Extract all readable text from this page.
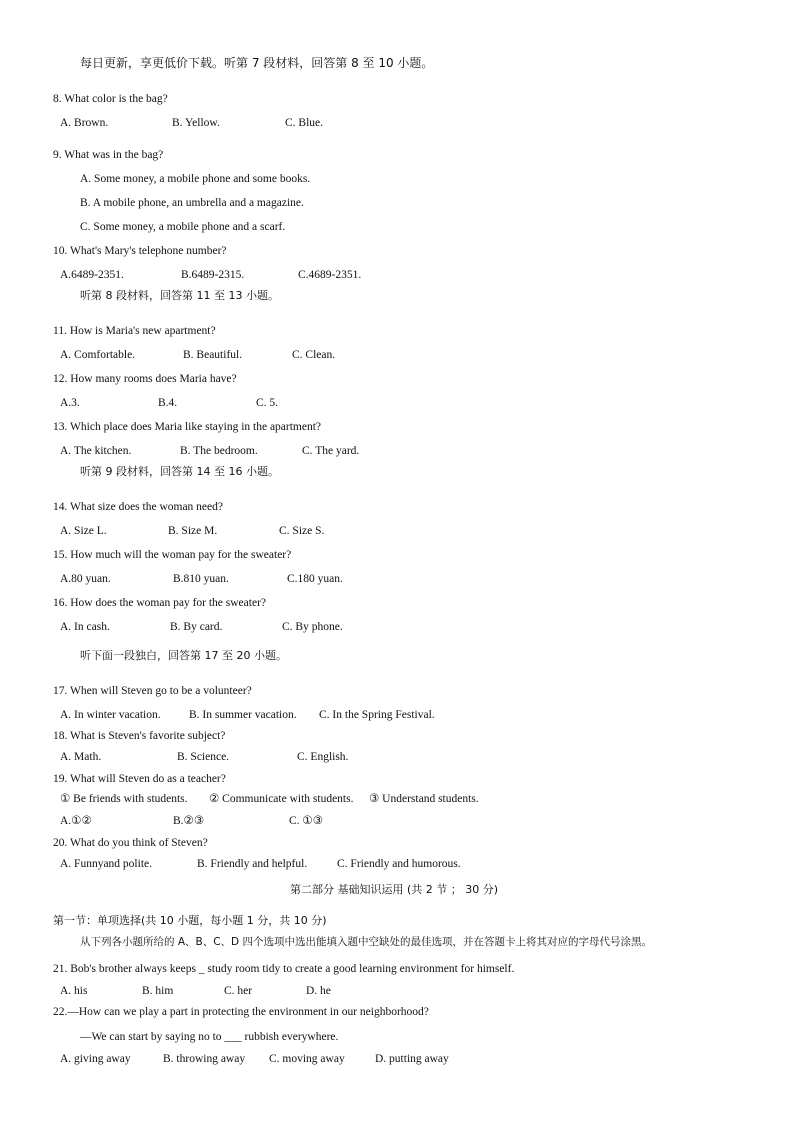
每日更新，享更低价下载。听第 7 段材料，回答第 8 至 10 小题。
8. What color is the bag?
A. Brown.	B. Yellow.	C. Blue.
9. What was in the bag?
A. Some money, a mobile phone and some books.
B. A mobile phone, an umbrella and a magazine.
C. Some money, a mobile phone and a scarf.
10. What's Mary's telephone number?
A.6489-2351.	B.6489-2315.	C.4689-2351.
听第 8 段材料，回答第 11 至 13 小题。
11. How is Maria's new apartment?
A. Comfortable.	B. Beautiful.	C. Clean.
12. How many rooms does Maria have?
A.3.	B.4.	C. 5.
13. Which place does Maria like staying in the apartment?
A. The kitchen.	B. The bedroom.	C. The yard.
听第 9 段材料，回答第 14 至 16 小题。
14. What size does the woman need?
A. Size L.	B. Size M.	C. Size S.
15. How much will the woman pay for the sweater?
A.80 yuan.	B.810 yuan.	C.180 yuan.
16. How does the woman pay for the sweater?
A. In cash.	B. By card.	C. By phone.
听下面一段独白，回答第 17 至 20 小题。
17. When will Steven go to be a volunteer?
A. In winter vacation. B. In summer vacation. C. In the Spring Festival.
18. What is Steven's favorite subject?
A. Math.	B. Science.	C. English.
19. What will Steven do as a teacher?
① Be friends with students. ② Communicate with students. ③ Understand students.
A.①②	B.②③	C. ①③
20. What do you think of Steven?
A. Funnyand polite.	B. Friendly and helpful.	C. Friendly and humorous.
第二部分 基础知识运用 (共 2 节 ； 30 分)
第一节：单项选择(共 10 小题，每小题 1 分，共 10 分)
从下列各小题所给的 A、B、C、D 四个选项中选出能填入题中空缺处的最佳选项，并在答题卡上将其对应的字母代号涂黑。
21. Bob's brother always keeps _ study room tidy to create a good learning environment for himself.
A. his	B. him	C. her	D. he
22.—How can we play a part in protecting the environment in our neighborhood?
—We can start by saying no to ___ rubbish everywhere.
A. giving away	B. throwing away C. moving away	D. putting away
